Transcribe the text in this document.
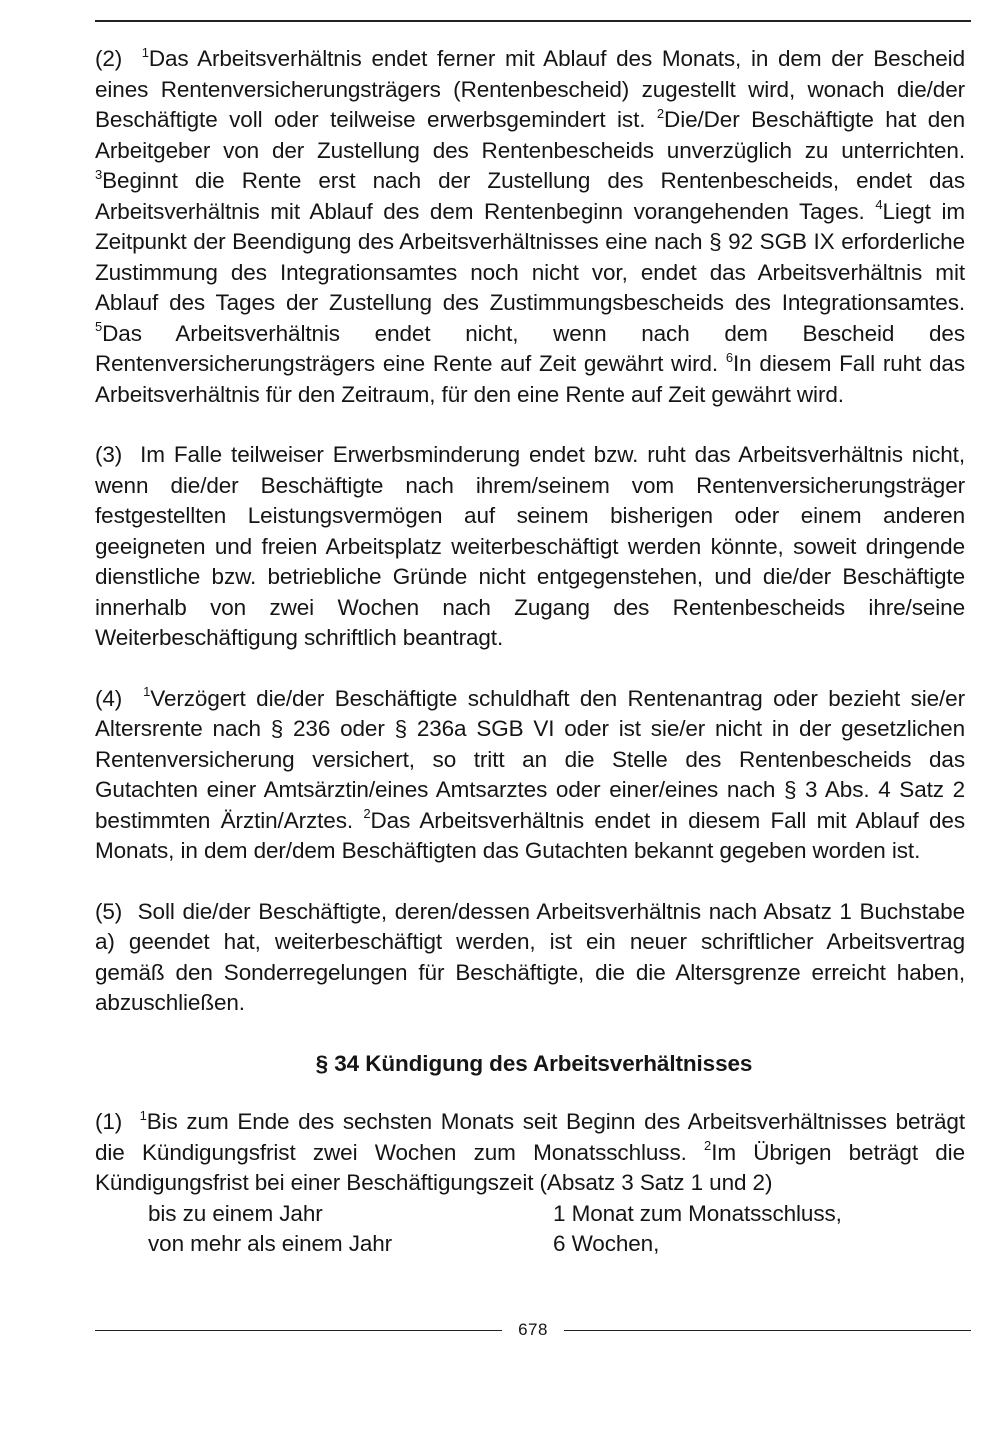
(2) $^1$Das Arbeitsverhältnis endet ferner mit Ablauf des Monats, in dem der Bescheid eines Rentenversicherungsträgers (Rentenbescheid) zugestellt wird, wonach die/der Beschäftigte voll oder teilweise erwerbsgemindert ist. $^2$Die/Der Beschäftigte hat den Arbeitgeber von der Zustellung des Rentenbescheids unverzüglich zu unterrichten. $^3$Beginnt die Rente erst nach der Zustellung des Rentenbescheids, endet das Arbeitsverhältnis mit Ablauf des dem Rentenbeginn vorangehenden Tages. $^4$Liegt im Zeitpunkt der Beendigung des Arbeitsverhältnisses eine nach § 92 SGB IX erforderliche Zustimmung des Integrationsamtes noch nicht vor, endet das Arbeitsverhältnis mit Ablauf des Tages der Zustellung des Zustimmungsbescheids des Integrationsamtes. $^5$Das Arbeitsverhältnis endet nicht, wenn nach dem Bescheid des Rentenversicherungsträgers eine Rente auf Zeit gewährt wird. $^6$In diesem Fall ruht das Arbeitsverhältnis für den Zeitraum, für den eine Rente auf Zeit gewährt wird.

(3) Im Falle teilweiser Erwerbsminderung endet bzw. ruht das Arbeitsverhältnis nicht, wenn die/der Beschäftigte nach ihrem/seinem vom Rentenversicherungsträger festgestellten Leistungsvermögen auf seinem bisherigen oder einem anderen geeigneten und freien Arbeitsplatz weiterbeschäftigt werden könnte, soweit dringende dienstliche bzw. betriebliche Gründe nicht entgegenstehen, und die/der Beschäftigte innerhalb von zwei Wochen nach Zugang des Rentenbescheids ihre/seine Weiterbeschäftigung schriftlich beantragt.

(4) $^1$Verzögert die/der Beschäftigte schuldhaft den Rentenantrag oder bezieht sie/er Altersrente nach § 236 oder § 236a SGB VI oder ist sie/er nicht in der gesetzlichen Rentenversicherung versichert, so tritt an die Stelle des Rentenbescheids das Gutachten einer Amtsärztin/eines Amtsarztes oder einer/eines nach § 3 Abs. 4 Satz 2 bestimmten Ärztin/Arztes. $^2$Das Arbeitsverhältnis endet in diesem Fall mit Ablauf des Monats, in dem der/dem Beschäftigten das Gutachten bekannt gegeben worden ist.

(5) Soll die/der Beschäftigte, deren/dessen Arbeitsverhältnis nach Absatz 1 Buchstabe a) geendet hat, weiterbeschäftigt werden, ist ein neuer schriftlicher Arbeitsvertrag gemäß den Sonderregelungen für Beschäftigte, die die Altersgrenze erreicht haben, abzuschließen.

§ 34 Kündigung des Arbeitsverhältnisses

(1) $^1$Bis zum Ende des sechsten Monats seit Beginn des Arbeitsverhältnisses beträgt die Kündigungsfrist zwei Wochen zum Monatsschluss. $^2$Im Übrigen beträgt die Kündigungsfrist bei einer Beschäftigungszeit (Absatz 3 Satz 1 und 2)

bis zu einem Jahr	1 Monat zum Monatsschluss,
von mehr als einem Jahr	6 Wochen,
678
